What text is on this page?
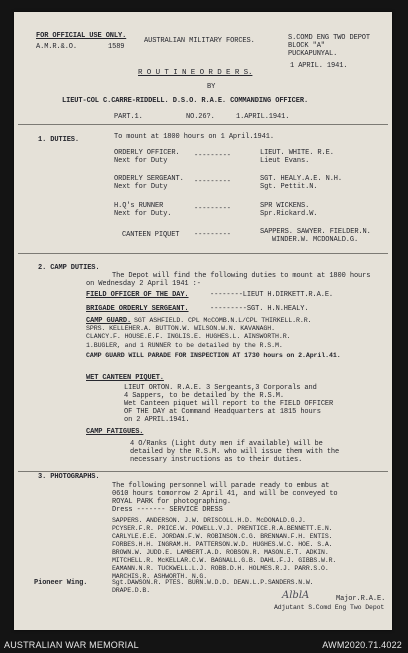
FOR OFFICIAL USE ONLY.
A.M.R.&.O.	1589
AUSTRALIAN MILITARY FORCES.	S.COMD ENG TWO DEPOT
BLOCK "A"
PUCKAPUNYAL.
1 APRIL. 1941.
R O U T I N E O R D E R S.
BY
LIEUT-COL C.CARRE-RIDDELL. D.S.O. R.A.E. COMMANDING OFFICER.
PART.1.	NO.26?.	1.APRIL.1941.
1. DUTIES.	To mount at 1800 hours on 1 April.1941.
ORDERLY OFFICER.
Next for Duty
---------	LIEUT. WHITE. R.E.
Lieut Evans.
ORDERLY SERGEANT.
Next for Duty
---------	SGT. HEALY.A.E. N.H.
Sgt. Pettit.N.
H.Q's RUNNER
Next for Duty.
---------	SPR WICKENS.
Spr.Rickard.W.
CANTEEN PIQUET ---------	SAPPERS. SAWYER. FIELDER.N.
WINDER.W. MCDONALD.G.
2. CAMP DUTIES.
The Depot will find the following duties to mount at 1800 hours
on Wednesday 2 April 1941 :-
FIELD OFFICER OF THE DAY.	--------LIEUT H.DIRKETT.R.A.E.
BRIGADE ORDERLY SERGEANT.	---------SGT. H.N.HEALY.
CAMP GUARD. SGT ASHFIELD. CPL McCOMB.N.L/CPL THIRKELL.R.R.
SPRS. KELLEHER.A. BUTTON.W. WILSON.W.N. KAVANAGH.
CLANCY.F. HOUSE.E.F. INGLIS.E. HUGHES.L. AINSWORTH.R.
1.BUGLER, and 1 RUNNER to be detailed by the R.S.M.
CAMP GUARD WILL PARADE FOR INSPECTION AT 1730 hours on 2.April.41.
WET CANTEEN PIQUET.
LIEUT ORTON. R.A.E. 3 Sergeants,3 Corporals and
4 Sappers, to be detailed by the R.S.M.
Wet Canteen piquet will report to the FIELD OFFICER
OF THE DAY at Command Headquarters at 1815 hours
on 2 APRIL.1941.
CAMP FATIGUES.
4 O/Ranks (Light duty men if available) will be
detailed by the R.S.M. who will issue them with the
necessary instructions as to their duties.
3. PHOTOGRAPHS.
The following personnel will parade ready to embus at
0610 hours tomorrow 2 April 41, and will be conveyed to
ROYAL PARK for photographing.
Dress ------- SERVICE DRESS
SAPPERS. ANDERSON. J.W. DRISCOLL.H.D. McDONALD.G.J.
PCYSER.F.R. PRICE.W. POWELL.V.J. PRENTICE.R.A.BENNETT.E.N.
CARLYLE.E.E. JORDAN.F.W. ROBINSON.C.G. BRENNAN.F.H. ENTIS.
FORBES.H.H. INGRAM.H. PATTERSON.W.D. HUGHES.W.C. HOE. S.A.
BROWN.W. JUDD.E. LAMBERT.A.D. ROBSON.R. MASON.E.T. ADKIN.
MITCHELL.R. McKELLAR.C.W. BAGNALL.G.B. DAHL.F.J. GIBBS.W.R.
EAMANN.N.R. TUCKWELL.L.J. ROBB.D.H. HOLMES.R.J. PARR.S.O.
MARCHIS.R. ASHWORTH. N.G.
Pioneer Wing.	Sgt.DAWSON.R. PTES. BURN.W.D.D. DEAN.L.P.SANDERS.N.W.
DRAPE.D.B.	AlblA	Major.R.A.E.
Adjutant S.Comd Eng Two Depot
AUSTRALIAN WAR MEMORIAL	AWM2020.71.4022
